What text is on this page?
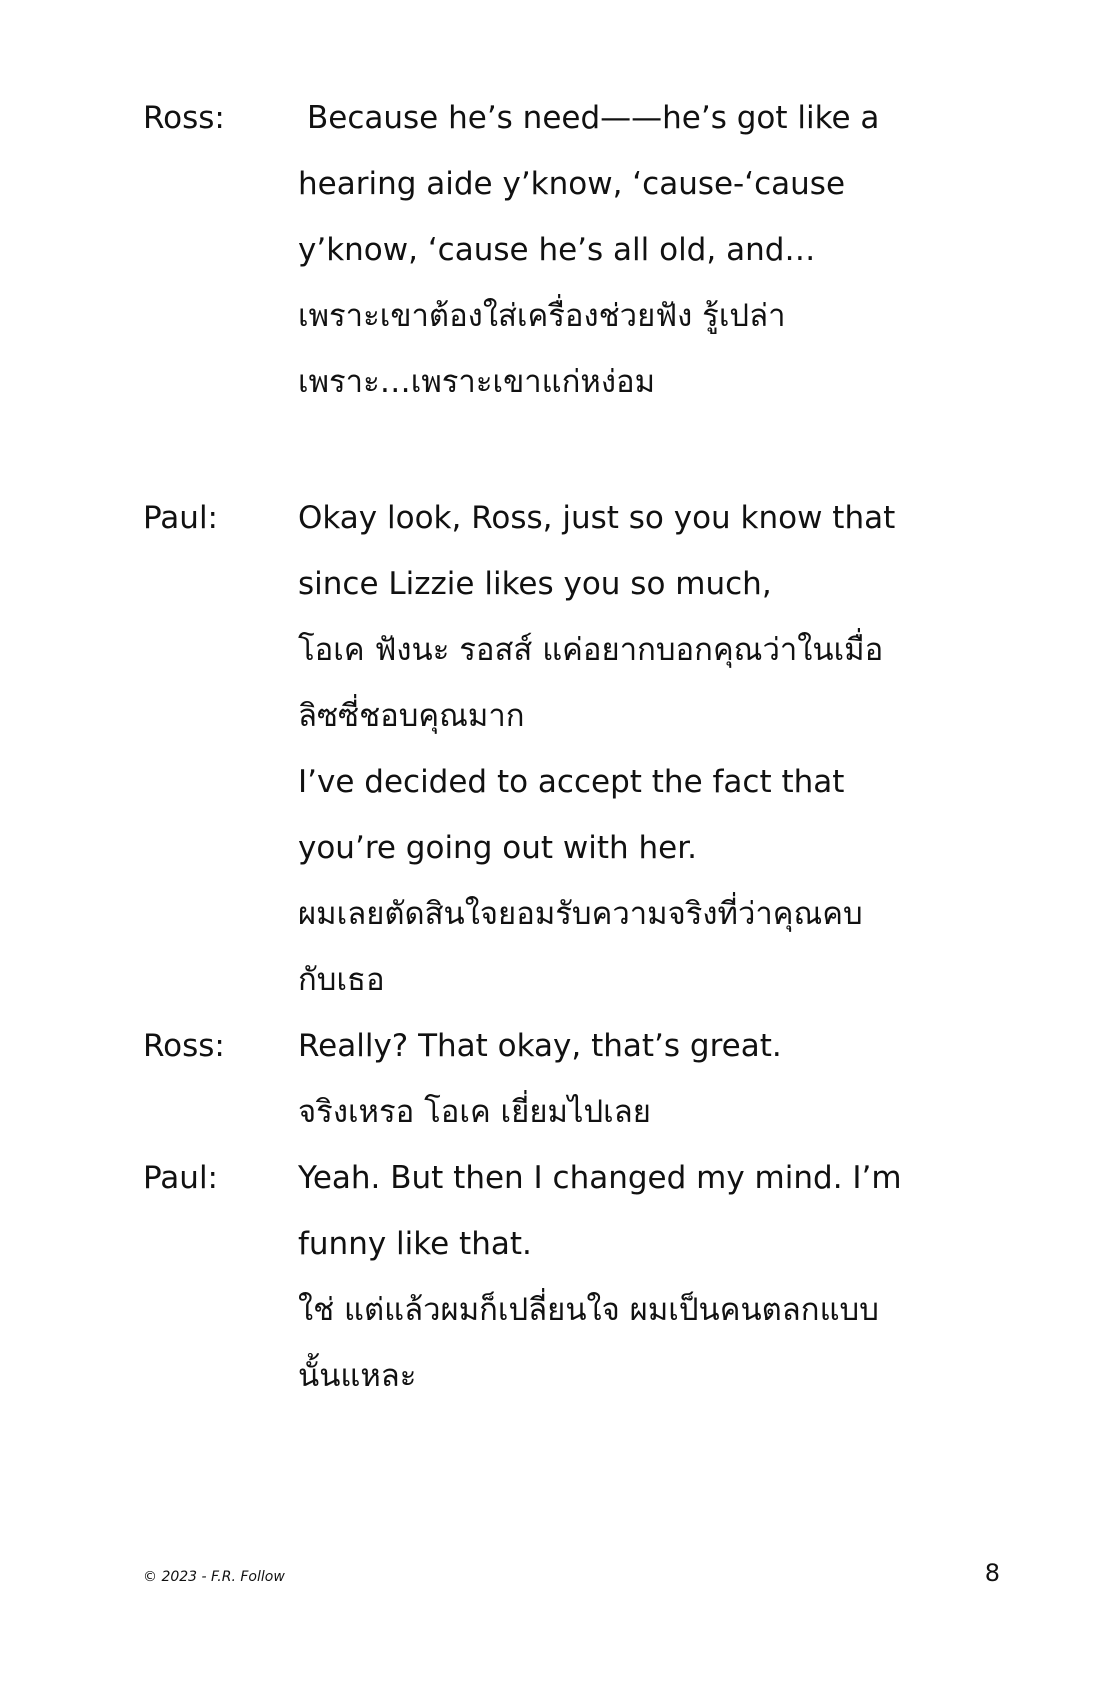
Ross:	Because he’s need——he’s got like a
hearing aide y’know, ‘cause-‘cause
y’know, ‘cause he’s all old, and…
เพราะเขาต้องใส่เครื่องช่วยฟัง รู้เปล่า
เพราะ…เพราะเขาแก่หง่อม
Paul:	Okay look, Ross, just so you know that
since Lizzie likes you so much,
โอเค ฟังนะ รอสส์ แค่อยากบอกคุณว่าในเมื่อ
ลิซซี่ชอบคุณมาก
I’ve decided to accept the fact that
you’re going out with her.
ผมเลยตัดสินใจยอมรับความจริงที่ว่าคุณคบ
กับเธอ
Ross: Really? That okay, that’s great.
จริงเหรอ โอเค เยี่ยมไปเลย
Paul:	Yeah. But then I changed my mind. I’m
funny like that.
ใช่ แต่แล้วผมก็เปลี่ยนใจ ผมเป็นคนตลกแบบ
นั้นแหละ
© 2023 - F.R. Follow	8
